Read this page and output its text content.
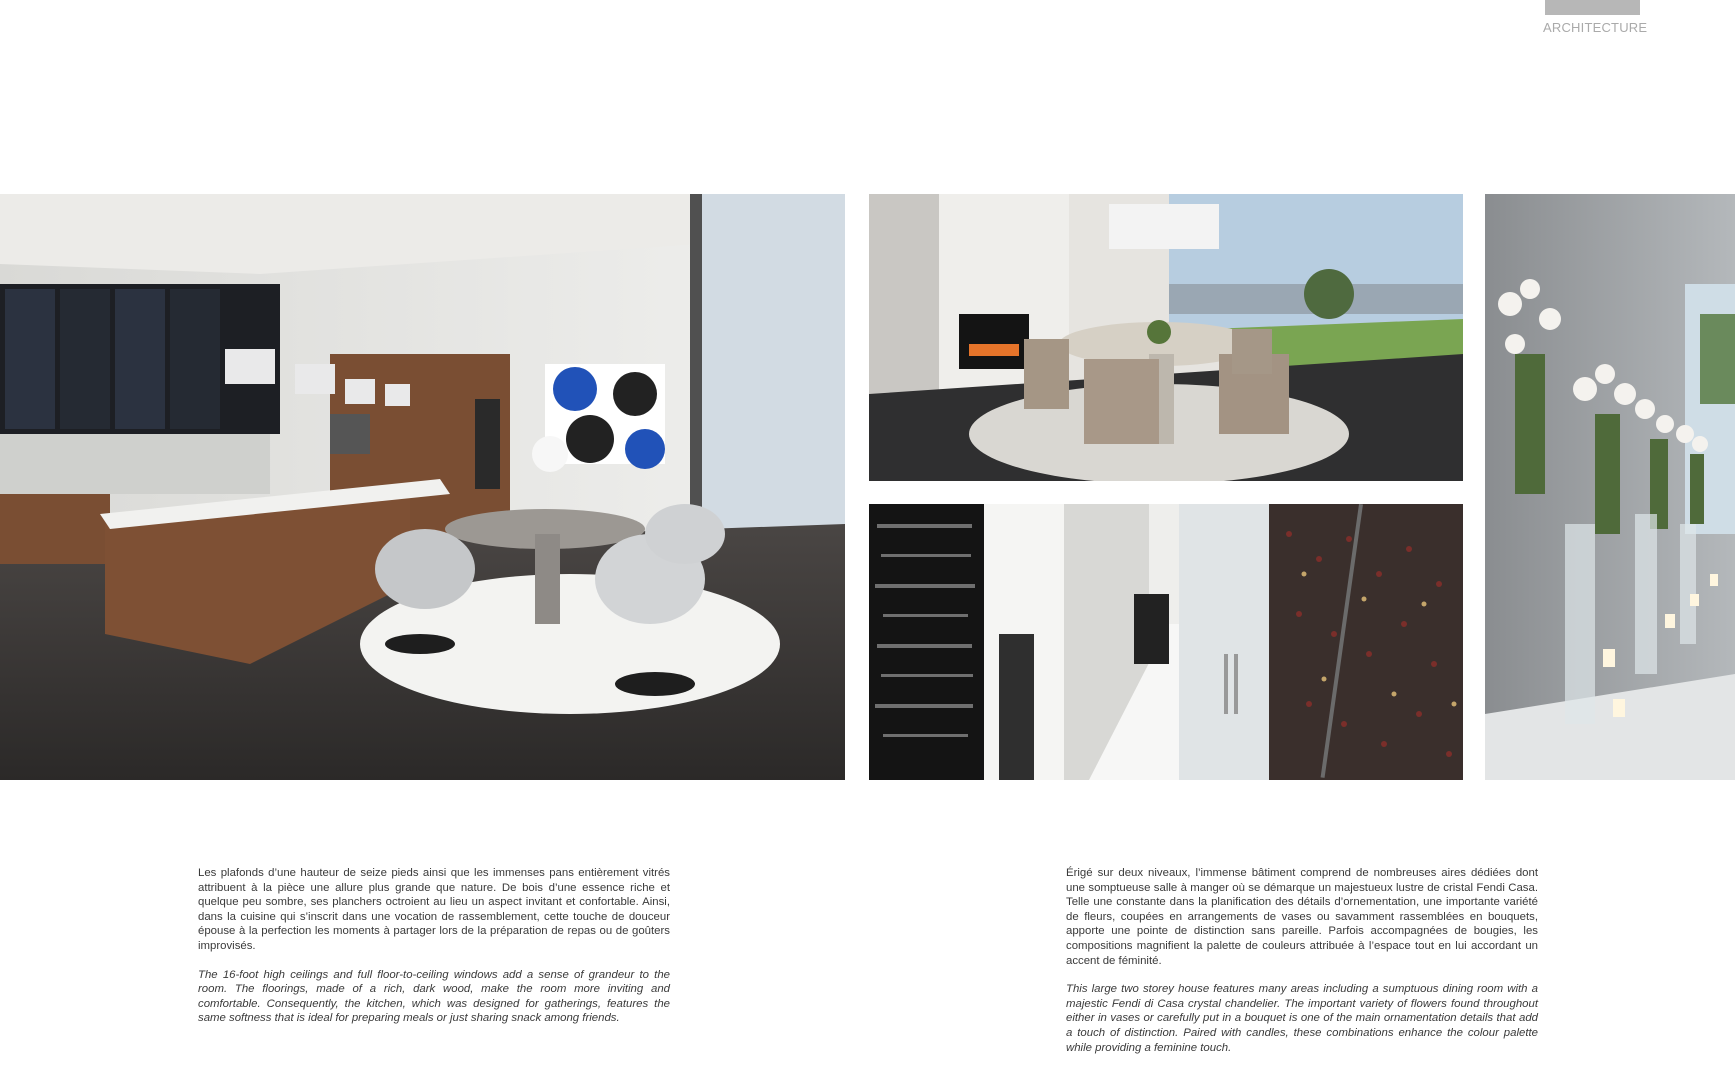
ARCHITECTURE

Les plafonds d’une hauteur de seize pieds ainsi que les immenses pans entièrement vitrés attribuent à la pièce une allure plus grande que nature. De bois d’une essence riche et quelque peu sombre, ses planchers octroient au lieu un aspect invitant et confortable. Ainsi, dans la cuisine qui s’inscrit dans une vocation de rassemblement, cette touche de douceur épouse à la perfection les moments à partager lors de la préparation de repas ou de goûters improvisés.

The 16-foot high ceilings and full floor-to-ceiling windows add a sense of grandeur to the room. The floorings, made of a rich, dark wood, make the room more inviting and comfortable. Consequently, the kitchen, which was designed for gatherings, features the same softness that is ideal for preparing meals or just sharing snack among friends.

Érigé sur deux niveaux, l’immense bâtiment comprend de nombreuses aires dédiées dont une somptueuse salle à manger où se démarque un majestueux lustre de cristal Fendi Casa. Telle une constante dans la planification des détails d’ornementation, une importante variété de fleurs, coupées en arrangements de vases ou savamment rassemblées en bouquets, apporte une pointe de distinction sans pareille. Parfois accompagnées de bougies, les compositions magnifient la palette de couleurs attribuée à l’espace tout en lui accordant un accent de féminité.

This large two storey house features many areas including a sumptuous dining room with a majestic Fendi di Casa crystal chandelier. The important variety of flowers found throughout either in vases or carefully put in a bouquet is one of the main ornamentation details that add a touch of distinction. Paired with candles, these combinations enhance the colour palette while providing a feminine touch.
